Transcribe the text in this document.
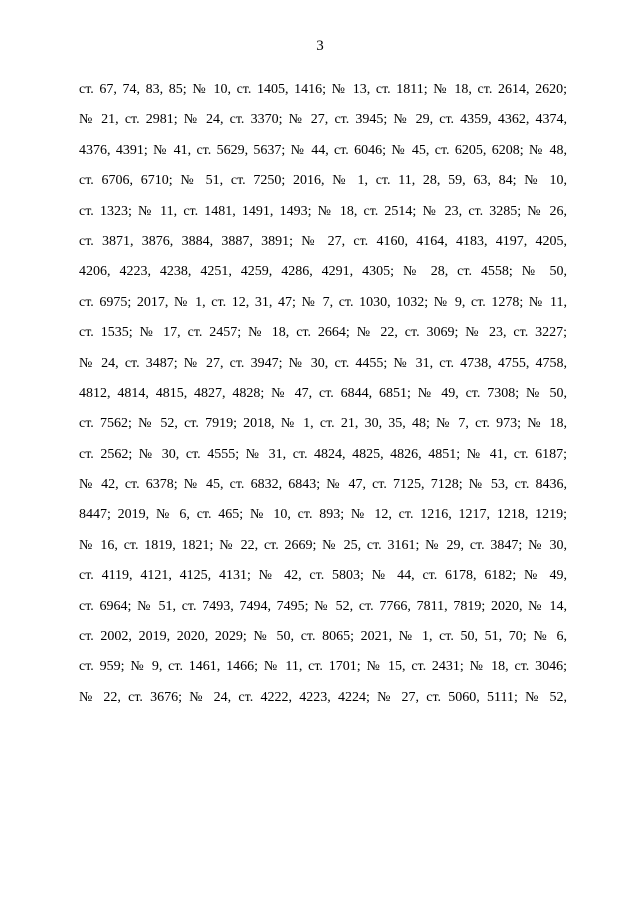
3
ст. 67, 74, 83, 85; № 10, ст. 1405, 1416; № 13, ст. 1811; № 18, ст. 2614, 2620;
№ 21, ст. 2981; № 24, ст. 3370; № 27, ст. 3945; № 29, ст. 4359, 4362, 4374,
4376, 4391; № 41, ст. 5629, 5637; № 44, ст. 6046; № 45, ст. 6205, 6208; № 48,
ст. 6706, 6710; № 51, ст. 7250; 2016, № 1, ст. 11, 28, 59, 63, 84; № 10,
ст. 1323; № 11, ст. 1481, 1491, 1493; № 18, ст. 2514; № 23, ст. 3285; № 26,
ст. 3871, 3876, 3884, 3887, 3891; № 27, ст. 4160, 4164, 4183, 4197, 4205,
4206, 4223, 4238, 4251, 4259, 4286, 4291, 4305; № 28, ст. 4558; № 50,
ст. 6975; 2017, № 1, ст. 12, 31, 47; № 7, ст. 1030, 1032; № 9, ст. 1278; № 11,
ст. 1535; № 17, ст. 2457; № 18, ст. 2664; № 22, ст. 3069; № 23, ст. 3227;
№ 24, ст. 3487; № 27, ст. 3947; № 30, ст. 4455; № 31, ст. 4738, 4755, 4758,
4812, 4814, 4815, 4827, 4828; № 47, ст. 6844, 6851; № 49, ст. 7308; № 50,
ст. 7562; № 52, ст. 7919; 2018, № 1, ст. 21, 30, 35, 48; № 7, ст. 973; № 18,
ст. 2562; № 30, ст. 4555; № 31, ст. 4824, 4825, 4826, 4851; № 41, ст. 6187;
№ 42, ст. 6378; № 45, ст. 6832, 6843; № 47, ст. 7125, 7128; № 53, ст. 8436,
8447; 2019, № 6, ст. 465; № 10, ст. 893; № 12, ст. 1216, 1217, 1218, 1219;
№ 16, ст. 1819, 1821; № 22, ст. 2669; № 25, ст. 3161; № 29, ст. 3847; № 30,
ст. 4119, 4121, 4125, 4131; № 42, ст. 5803; № 44, ст. 6178, 6182; № 49,
ст. 6964; № 51, ст. 7493, 7494, 7495; № 52, ст. 7766, 7811, 7819; 2020, № 14,
ст. 2002, 2019, 2020, 2029; № 50, ст. 8065; 2021, № 1, ст. 50, 51, 70; № 6,
ст. 959; № 9, ст. 1461, 1466; № 11, ст. 1701; № 15, ст. 2431; № 18, ст. 3046;
№ 22, ст. 3676; № 24, ст. 4222, 4223, 4224; № 27, ст. 5060, 5111; № 52,
